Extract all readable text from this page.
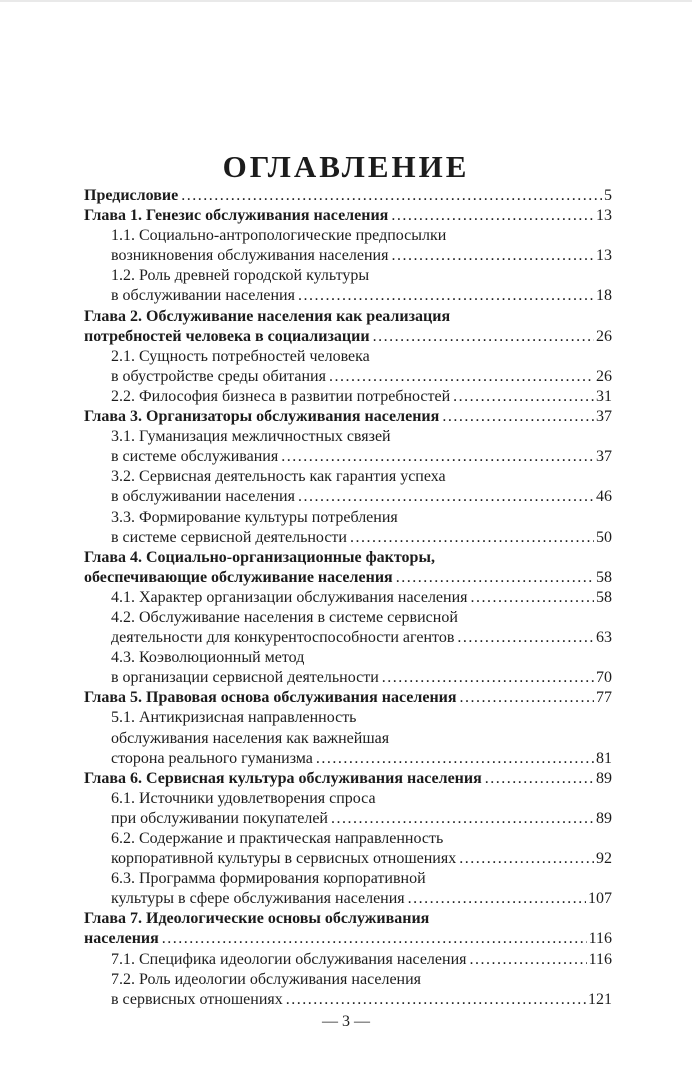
ОГЛАВЛЕНИЕ
Предисловие .....	5
Глава 1. Генезис обслуживания населения .....	13
1.1. Социально-антропологические предпосылки
возникновения обслуживания населения .....	13
1.2. Роль древней городской культуры
в обслуживании населения .....	18
Глава 2. Обслуживание населения как реализация
потребностей человека в социализации .....	26
2.1. Сущность потребностей человека
в обустройстве среды обитания .....	26
2.2. Философия бизнеса в развитии потребностей .....	31
Глава 3. Организаторы обслуживания населения .....	37
3.1. Гуманизация межличностных связей
в системе обслуживания .....	37
3.2. Сервисная деятельность как гарантия успеха
в обслуживании населения .....	46
3.3. Формирование культуры потребления
в системе сервисной деятельности .....	50
Глава 4. Социально-организационные факторы,
обеспечивающие обслуживание населения .....	58
4.1. Характер организации обслуживания населения .....	58
4.2. Обслуживание населения в системе сервисной
деятельности для конкурентоспособности агентов .....	63
4.3. Коэволюционный метод
в организации сервисной деятельности .....	70
Глава 5. Правовая основа обслуживания населения .....	77
5.1. Антикризисная направленность
обслуживания населения как важнейшая
сторона реального гуманизма .....	81
Глава 6. Сервисная культура обслуживания населения .....	89
6.1. Источники удовлетворения спроса
при обслуживании покупателей .....	89
6.2. Содержание и практическая направленность
корпоративной культуры в сервисных отношениях .....	92
6.3. Программа формирования корпоративной
культуры в сфере обслуживания населения .....	107
Глава 7. Идеологические основы обслуживания
населения .....	116
7.1. Специфика идеологии обслуживания населения .....	116
7.2. Роль идеологии обслуживания населения
в сервисных отношениях .....	121
— 3 —
